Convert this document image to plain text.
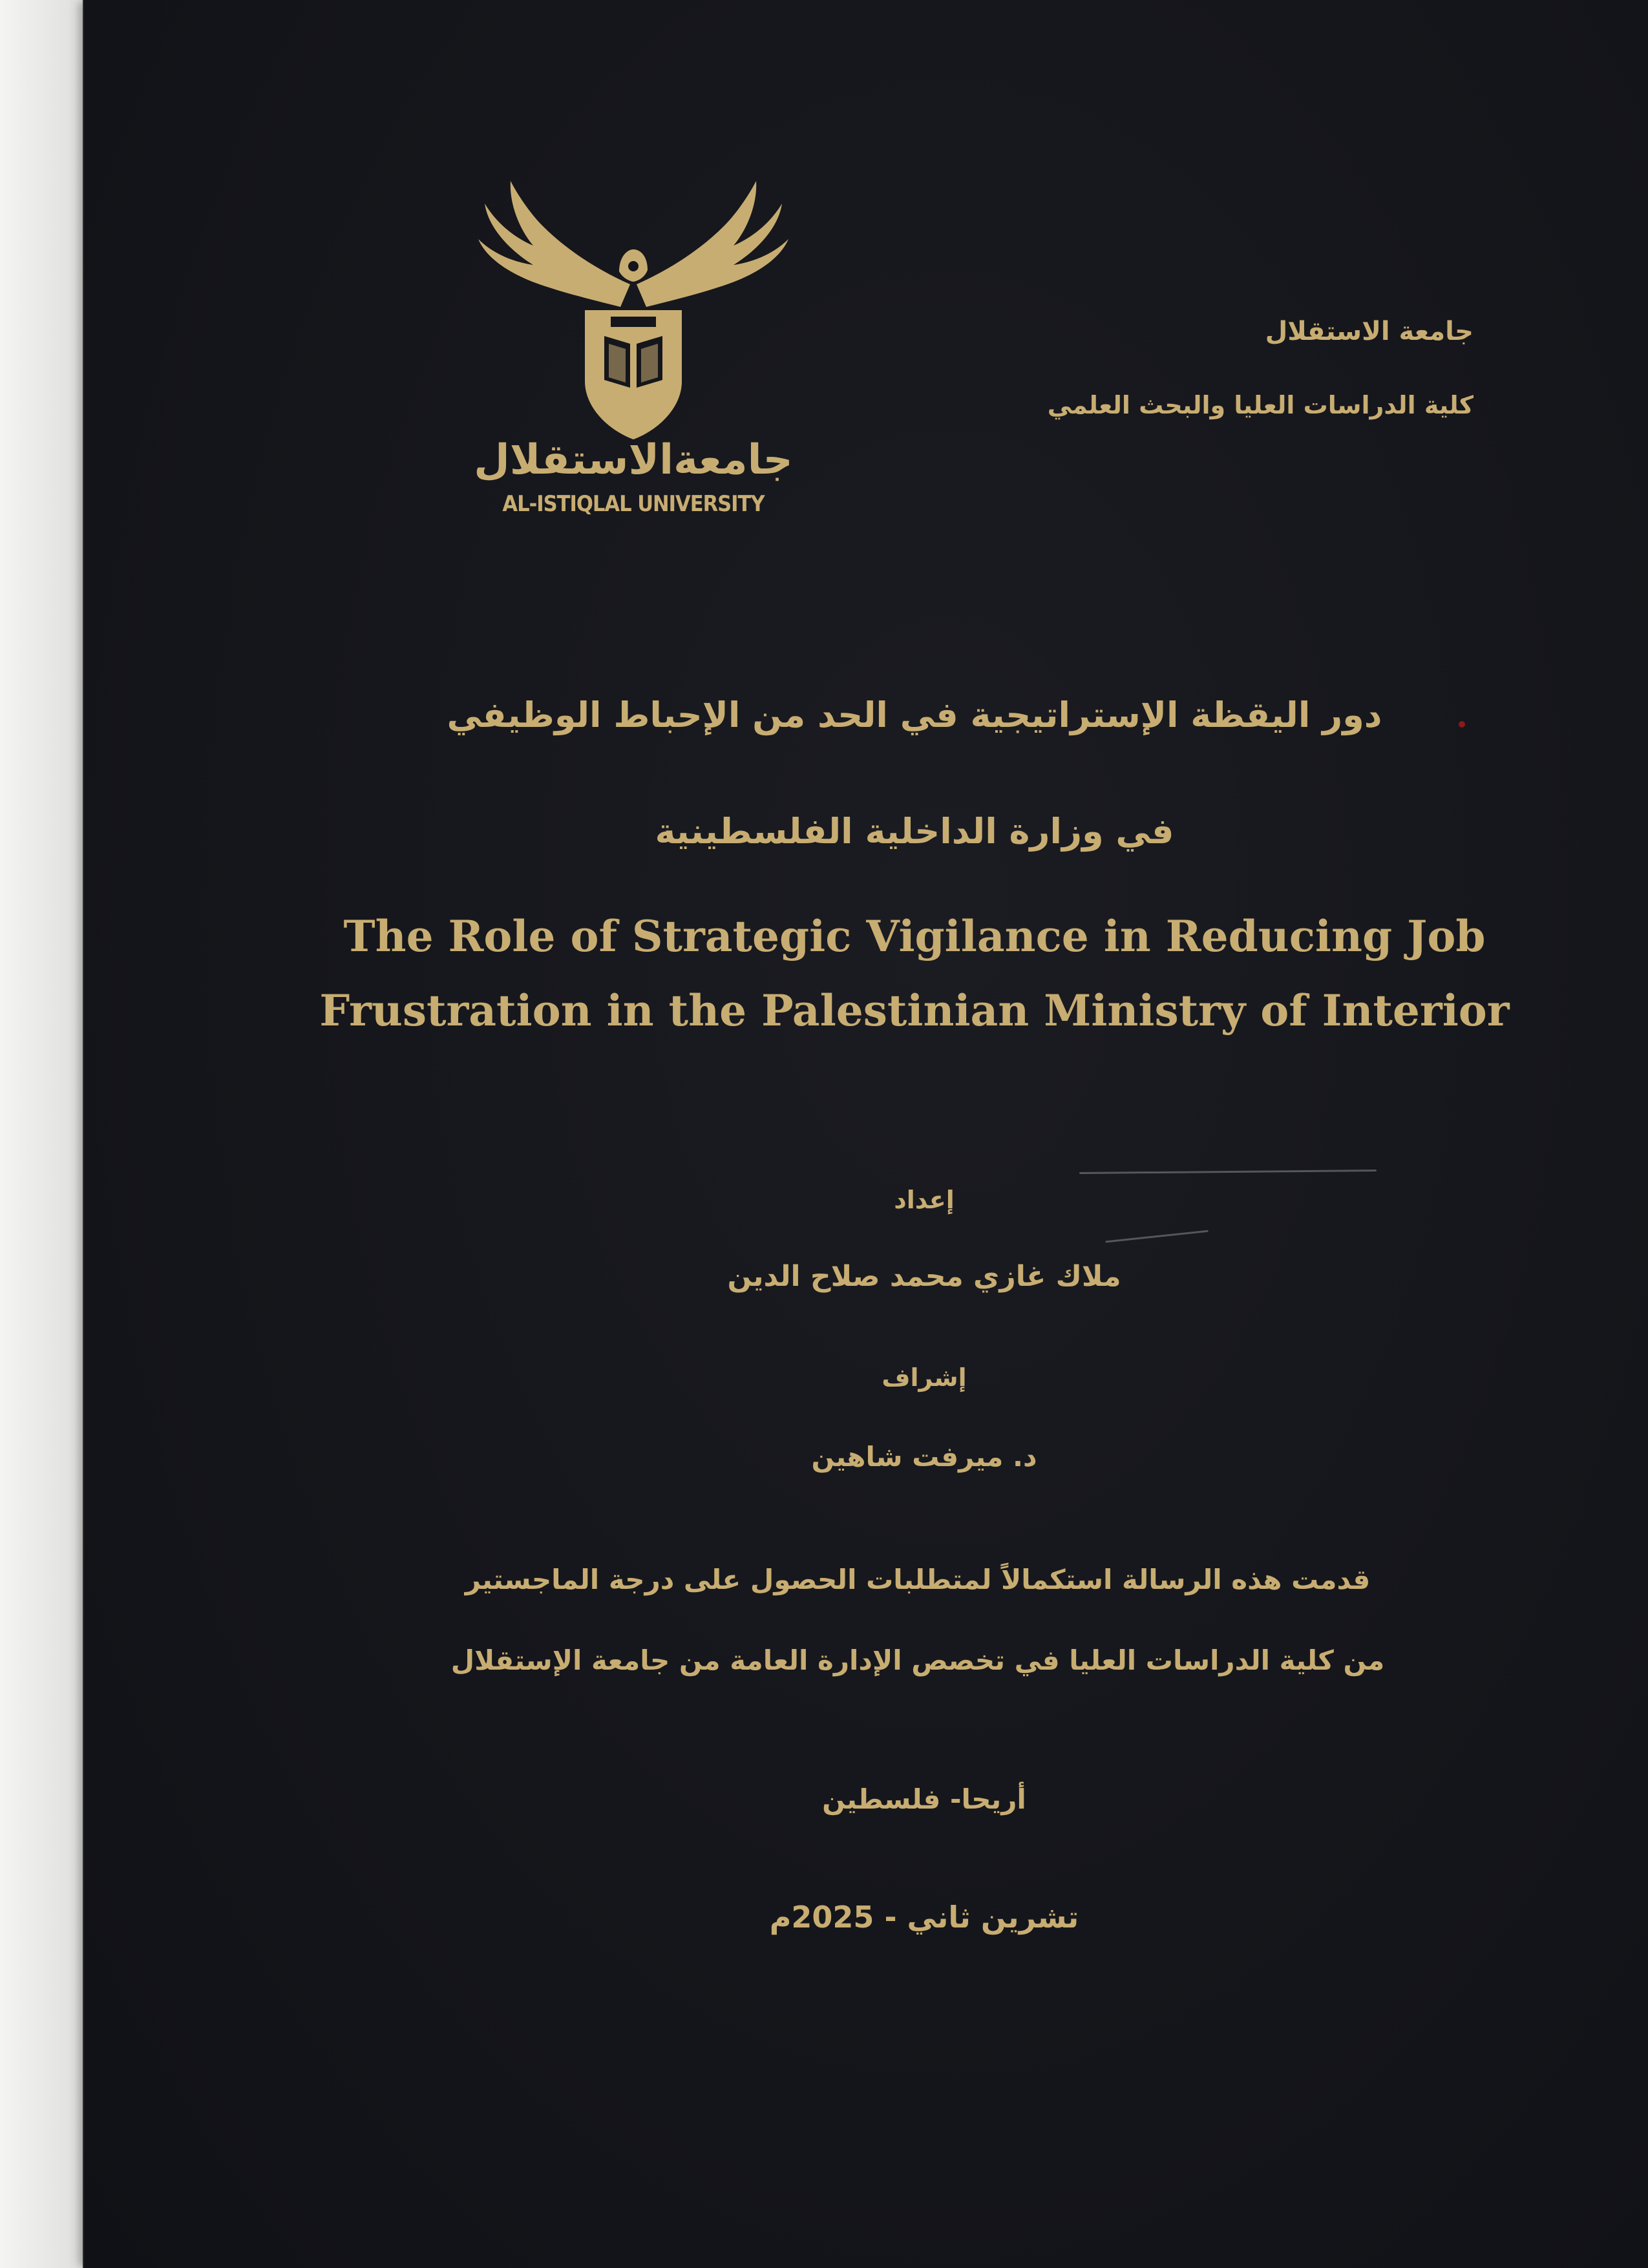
جامعةالاستقلال
AL-ISTIQLAL UNIVERSITY
جامعة الاستقلال
كلية الدراسات العليا والبحث العلمي
دور اليقظة الإستراتيجية في الحد من الإحباط الوظيفي
في وزارة الداخلية الفلسطينية
The Role of Strategic Vigilance in Reducing Job
Frustration in the Palestinian Ministry of Interior
إعداد
ملاك غازي محمد صلاح الدين
إشراف
د. ميرفت شاهين
قدمت هذه الرسالة استكمالاً لمتطلبات الحصول على درجة الماجستير
من كلية الدراسات العليا في تخصص الإدارة العامة من جامعة الإستقلال
أريحا- فلسطين
تشرين ثاني - 2025م
